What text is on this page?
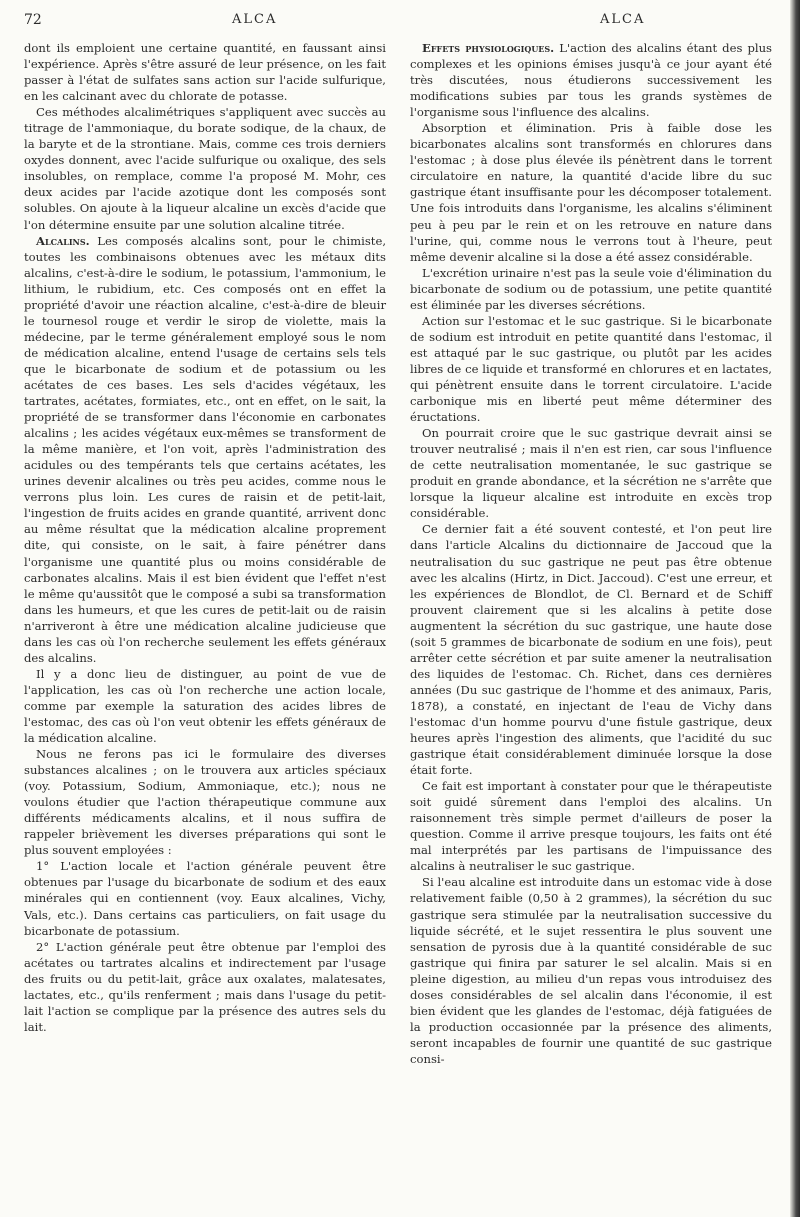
72	ALCA	ALCA

dont ils emploient une certaine quantité, en faussant ainsi l'expérience. Après s'être assuré de leur présence, on les fait passer à l'état de sulfates sans action sur l'acide sulfurique, en les calcinant avec du chlorate de potasse.

Ces méthodes alcalimétriques s'appliquent avec succès au titrage de l'ammoniaque, du borate sodique, de la chaux, de la baryte et de la strontiane. Mais, comme ces trois derniers oxydes donnent, avec l'acide sulfurique ou oxalique, des sels insolubles, on remplace, comme l'a proposé M. Mohr, ces deux acides par l'acide azotique dont les composés sont solubles. On ajoute à la liqueur alcaline un excès d'acide que l'on détermine ensuite par une solution alcaline titrée.

Alcalins. Les composés alcalins sont, pour le chimiste, toutes les combinaisons obtenues avec les métaux dits alcalins, c'est-à-dire le sodium, le potassium, l'ammonium, le lithium, le rubidium, etc. Ces composés ont en effet la propriété d'avoir une réaction alcaline, c'est-à-dire de bleuir le tournesol rouge et verdir le sirop de violette, mais la médecine, par le terme généralement employé sous le nom de médication alcaline, entend l'usage de certains sels tels que le bicarbonate de sodium et de potassium ou les acétates de ces bases. Les sels d'acides végétaux, les tartrates, acétates, formiates, etc., ont en effet, on le sait, la propriété de se transformer dans l'économie en carbonates alcalins ; les acides végétaux eux-mêmes se transforment de la même manière, et l'on voit, après l'administration des acidules ou des tempérants tels que certains acétates, les urines devenir alcalines ou très peu acides, comme nous le verrons plus loin. Les cures de raisin et de petit-lait, l'ingestion de fruits acides en grande quantité, arrivent donc au même résultat que la médication alcaline proprement dite, qui consiste, on le sait, à faire pénétrer dans l'organisme une quantité plus ou moins considérable de carbonates alcalins. Mais il est bien évident que l'effet n'est le même qu'aussitôt que le composé a subi sa transformation dans les humeurs, et que les cures de petit-lait ou de raisin n'arriveront à être une médication alcaline judicieuse que dans les cas où l'on recherche seulement les effets généraux des alcalins.

Il y a donc lieu de distinguer, au point de vue de l'application, les cas où l'on recherche une action locale, comme par exemple la saturation des acides libres de l'estomac, des cas où l'on veut obtenir les effets généraux de la médication alcaline.

Nous ne ferons pas ici le formulaire des diverses substances alcalines ; on le trouvera aux articles spéciaux (voy. Potassium, Sodium, Ammoniaque, etc.); nous ne voulons étudier que l'action thérapeutique commune aux différents médicaments alcalins, et il nous suffira de rappeler brièvement les diverses préparations qui sont le plus souvent employées :

1° L'action locale et l'action générale peuvent être obtenues par l'usage du bicarbonate de sodium et des eaux minérales qui en contiennent (voy. Eaux alcalines, Vichy, Vals, etc.). Dans certains cas particuliers, on fait usage du bicarbonate de potassium.

2° L'action générale peut être obtenue par l'emploi des acétates ou tartrates alcalins et indirectement par l'usage des fruits ou du petit-lait, grâce aux oxalates, malatesates, lactates, etc., qu'ils renferment ; mais dans l'usage du petit-lait l'action se complique par la présence des autres sels du lait.

Effets physiologiques. L'action des alcalins étant des plus complexes et les opinions émises jusqu'à ce jour ayant été très discutées, nous étudierons successivement les modifications subies par tous les grands systèmes de l'organisme sous l'influence des alcalins.

Absorption et élimination. Pris à faible dose les bicarbonates alcalins sont transformés en chlorures dans l'estomac ; à dose plus élevée ils pénètrent dans le torrent circulatoire en nature, la quantité d'acide libre du suc gastrique étant insuffisante pour les décomposer totalement. Une fois introduits dans l'organisme, les alcalins s'éliminent peu à peu par le rein et on les retrouve en nature dans l'urine, qui, comme nous le verrons tout à l'heure, peut même devenir alcaline si la dose a été assez considérable.

L'excrétion urinaire n'est pas la seule voie d'élimination du bicarbonate de sodium ou de potassium, une petite quantité est éliminée par les diverses sécrétions.

Action sur l'estomac et le suc gastrique. Si le bicarbonate de sodium est introduit en petite quantité dans l'estomac, il est attaqué par le suc gastrique, ou plutôt par les acides libres de ce liquide et transformé en chlorures et en lactates, qui pénètrent ensuite dans le torrent circulatoire. L'acide carbonique mis en liberté peut même déterminer des éructations.

On pourrait croire que le suc gastrique devrait ainsi se trouver neutralisé ; mais il n'en est rien, car sous l'influence de cette neutralisation momentanée, le suc gastrique se produit en grande abondance, et la sécrétion ne s'arrête que lorsque la liqueur alcaline est introduite en excès trop considérable.

Ce dernier fait a été souvent contesté, et l'on peut lire dans l'article Alcalins du dictionnaire de Jaccoud que la neutralisation du suc gastrique ne peut pas être obtenue avec les alcalins (Hirtz, in Dict. Jaccoud). C'est une erreur, et les expériences de Blondlot, de Cl. Bernard et de Schiff prouvent clairement que si les alcalins à petite dose augmentent la sécrétion du suc gastrique, une haute dose (soit 5 grammes de bicarbonate de sodium en une fois), peut arrêter cette sécrétion et par suite amener la neutralisation des liquides de l'estomac. Ch. Richet, dans ces dernières années (Du suc gastrique de l'homme et des animaux, Paris, 1878), a constaté, en injectant de l'eau de Vichy dans l'estomac d'un homme pourvu d'une fistule gastrique, deux heures après l'ingestion des aliments, que l'acidité du suc gastrique était considérablement diminuée lorsque la dose était forte.

Ce fait est important à constater pour que le thérapeutiste soit guidé sûrement dans l'emploi des alcalins. Un raisonnement très simple permet d'ailleurs de poser la question. Comme il arrive presque toujours, les faits ont été mal interprétés par les partisans de l'impuissance des alcalins à neutraliser le suc gastrique.

Si l'eau alcaline est introduite dans un estomac vide à dose relativement faible (0,50 à 2 grammes), la sécrétion du suc gastrique sera stimulée par la neutralisation successive du liquide sécrété, et le sujet ressentira le plus souvent une sensation de pyrosis due à la quantité considérable de suc gastrique qui finira par saturer le sel alcalin. Mais si en pleine digestion, au milieu d'un repas vous introduisez des doses considérables de sel alcalin dans l'économie, il est bien évident que les glandes de l'estomac, déjà fatiguées de la production occasionnée par la présence des aliments, seront incapables de fournir une quantité de suc gastrique consi-
